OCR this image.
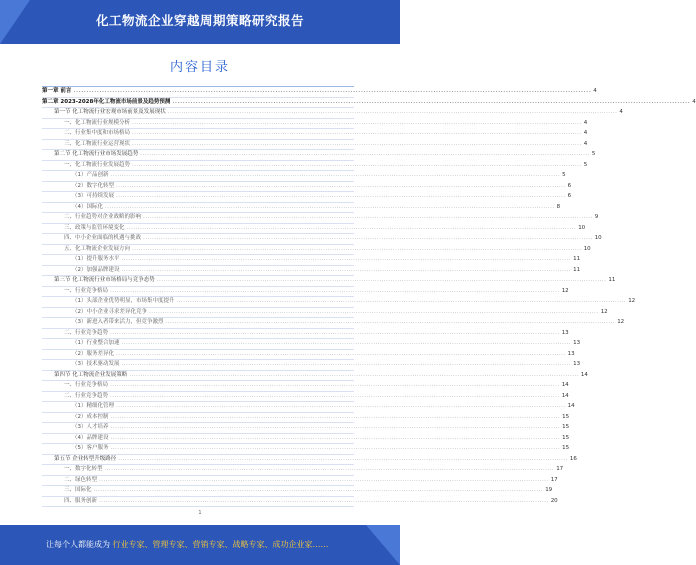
化工物流企业穿越周期策略研究报告
内容目录
第一章 前言 ........................................................................................................................................................................................................ 4
第二章 2023-2028年化工物流市场前景及趋势预测 ........................................................................................................................................................................................................ 4
第一节 化工物流行业宏观市场前景及发展现状 ........................................................................................................................................................................................................ 4
一、化工物流行业规模分析 ........................................................................................................................................................................................................ 4
二、行业集中度和市场格局 ........................................................................................................................................................................................................ 4
三、化工物流行业运营现状 ........................................................................................................................................................................................................ 4
第二节 化工物流行业市场发展趋势 ........................................................................................................................................................................................................ 5
一、化工物流行业发展趋势 ........................................................................................................................................................................................................ 5
（1）产品创新 ........................................................................................................................................................................................................ 5
（2）数字化转型 ........................................................................................................................................................................................................ 6
（3）可持续发展 ........................................................................................................................................................................................................ 6
（4）国际化 ........................................................................................................................................................................................................ 8
二、行业趋势对企业战略的影响 ........................................................................................................................................................................................................ 9
三、政策与监管环境变化 ........................................................................................................................................................................................................ 10
四、中小企业面临的机遇与挑战 ........................................................................................................................................................................................................ 10
五、化工物流企业发展方向 ........................................................................................................................................................................................................ 10
（1）提升服务水平 ........................................................................................................................................................................................................ 11
（2）加强品牌建设 ........................................................................................................................................................................................................ 11
第三节 化工物流行业市场格局与竞争态势 ........................................................................................................................................................................................................ 11
一、行业竞争格局 ........................................................................................................................................................................................................ 12
（1）头部企业优势明显，市场集中度提升 ........................................................................................................................................................................................................ 12
（2）中小企业寻求差异化竞争 ........................................................................................................................................................................................................ 12
（3）新进入者带来活力，但竞争激烈 ........................................................................................................................................................................................................ 12
二、行业竞争趋势 ........................................................................................................................................................................................................ 13
（1）行业整合加速 ........................................................................................................................................................................................................ 13
（2）服务差异化 ........................................................................................................................................................................................................ 13
（3）技术驱动发展 ........................................................................................................................................................................................................ 13
第四节 化工物流企业发展策略 ........................................................................................................................................................................................................ 14
一、行业竞争格局 ........................................................................................................................................................................................................ 14
二、行业竞争趋势 ........................................................................................................................................................................................................ 14
（1）精细化管理 ........................................................................................................................................................................................................ 14
（2）成本控制 ........................................................................................................................................................................................................ 15
（3）人才培养 ........................................................................................................................................................................................................ 15
（4）品牌建设 ........................................................................................................................................................................................................ 15
（5）客户服务 ........................................................................................................................................................................................................ 15
第五节 企业转型升级路径 ........................................................................................................................................................................................................ 16
一、数字化转型 ........................................................................................................................................................................................................ 17
二、绿色转型 ........................................................................................................................................................................................................ 17
三、国际化 ........................................................................................................................................................................................................ 19
四、服务创新 ........................................................................................................................................................................................................ 20
1
让每个人都能成为 行业专家、管理专家、营销专家、战略专家、成功企业家……
